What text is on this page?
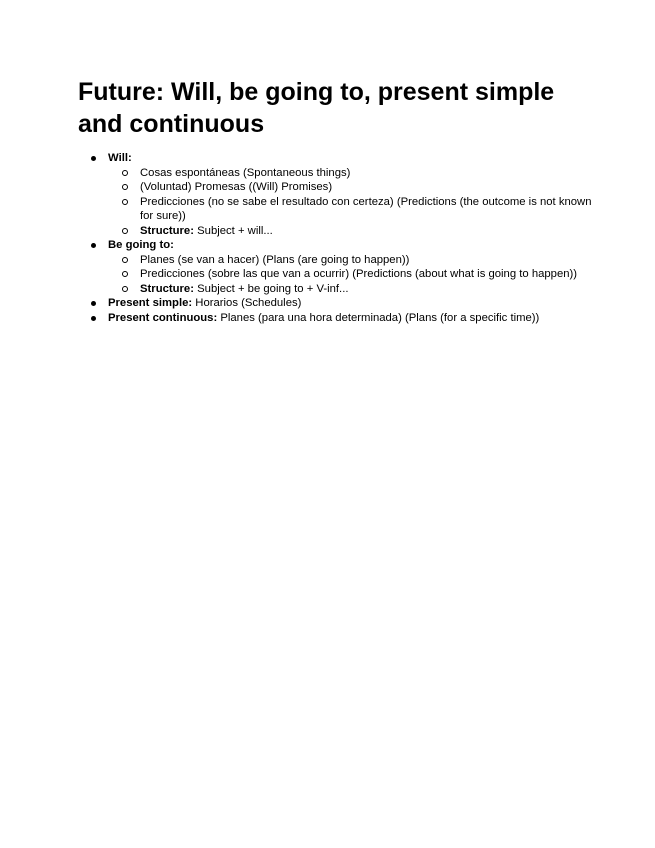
Future: Will, be going to, present simple and continuous
Will:
Cosas espontáneas (Spontaneous things)
(Voluntad) Promesas ((Will) Promises)
Predicciones (no se sabe el resultado con certeza) (Predictions (the outcome is not known for sure))
Structure: Subject + will...
Be going to:
Planes (se van a hacer) (Plans (are going to happen))
Predicciones (sobre las que van a ocurrir) (Predictions (about what is going to happen))
Structure: Subject + be going to + V-inf...
Present simple: Horarios (Schedules)
Present continuous: Planes (para una hora determinada) (Plans (for a specific time))
